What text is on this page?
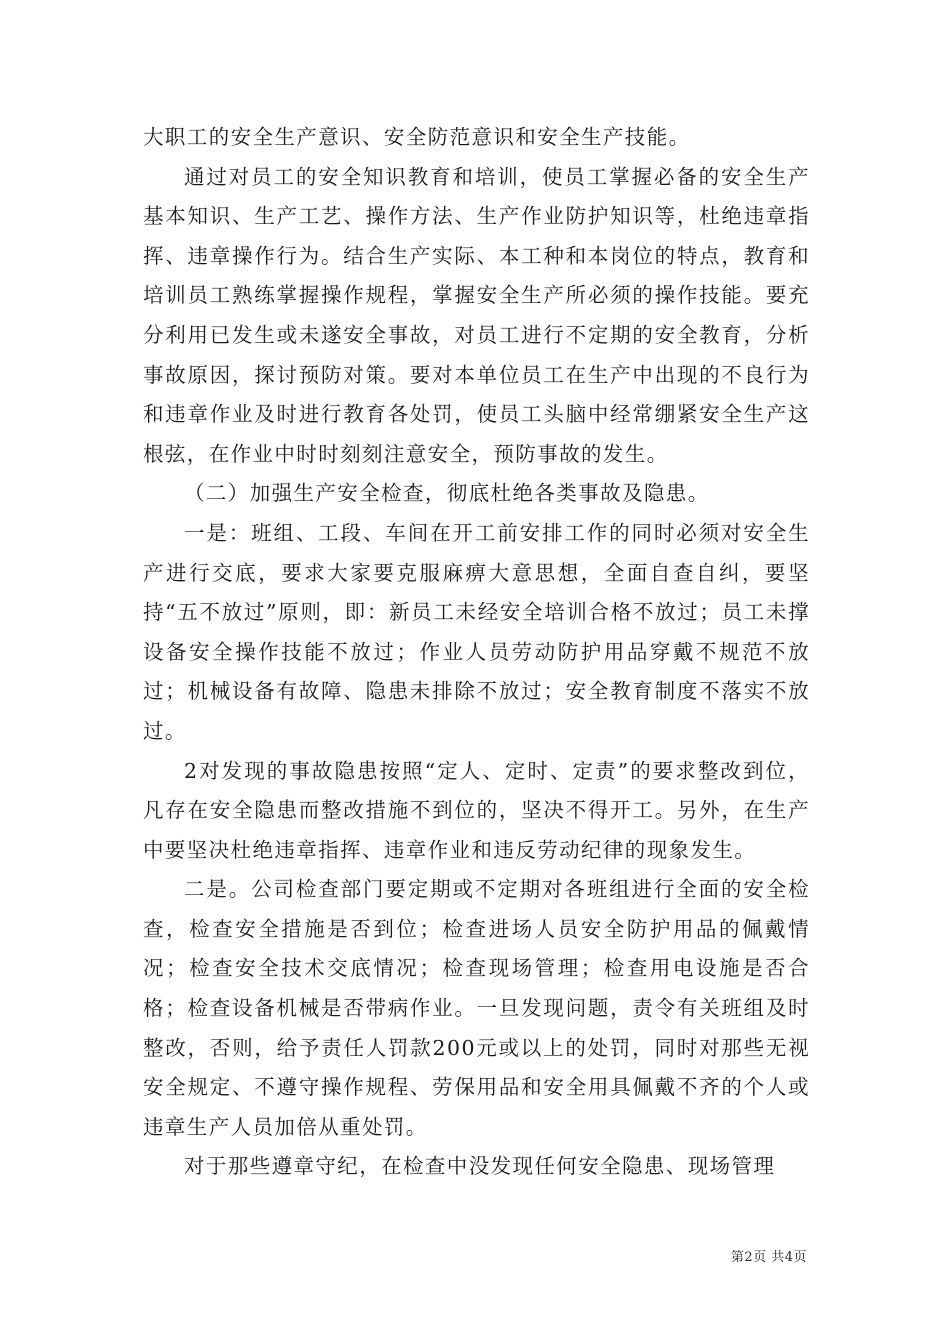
大职工的安全生产意识、安全防范意识和安全生产技能。

通过对员工的安全知识教育和培训，使员工掌握必备的安全生产基本知识、生产工艺、操作方法、生产作业防护知识等，杜绝违章指挥、违章操作行为。结合生产实际、本工种和本岗位的特点，教育和培训员工熟练掌握操作规程，掌握安全生产所必须的操作技能。要充分利用已发生或未遂安全事故，对员工进行不定期的安全教育，分析事故原因，探讨预防对策。要对本单位员工在生产中出现的不良行为和违章作业及时进行教育各处罚，使员工头脑中经常绷紧安全生产这根弦，在作业中时时刻刻注意安全，预防事故的发生。

（二）加强生产安全检查，彻底杜绝各类事故及隐患。

一是：班组、工段、车间在开工前安排工作的同时必须对安全生产进行交底，要求大家要克服麻痹大意思想，全面自查自纠，要坚持“五不放过”原则，即：新员工未经安全培训合格不放过；员工未撑设备安全操作技能不放过；作业人员劳动防护用品穿戴不规范不放过；机械设备有故障、隐患未排除不放过；安全教育制度不落实不放过。

2对发现的事故隐患按照“定人、定时、定责”的要求整改到位，凡存在安全隐患而整改措施不到位的，坚决不得开工。另外，在生产中要坚决杜绝违章指挥、违章作业和违反劳动纪律的现象发生。

二是。公司检查部门要定期或不定期对各班组进行全面的安全检查，检查安全措施是否到位；检查进场人员安全防护用品的佩戴情况；检查安全技术交底情况；检查现场管理；检查用电设施是否合格；检查设备机械是否带病作业。一旦发现问题，责令有关班组及时整改，否则，给予责任人罚款200元或以上的处罚，同时对那些无视安全规定、不遵守操作规程、劳保用品和安全用具佩戴不齐的个人或违章生产人员加倍从重处罚。

对于那些遵章守纪，在检查中没发现任何安全隐患、现场管理

第2页 共4页
